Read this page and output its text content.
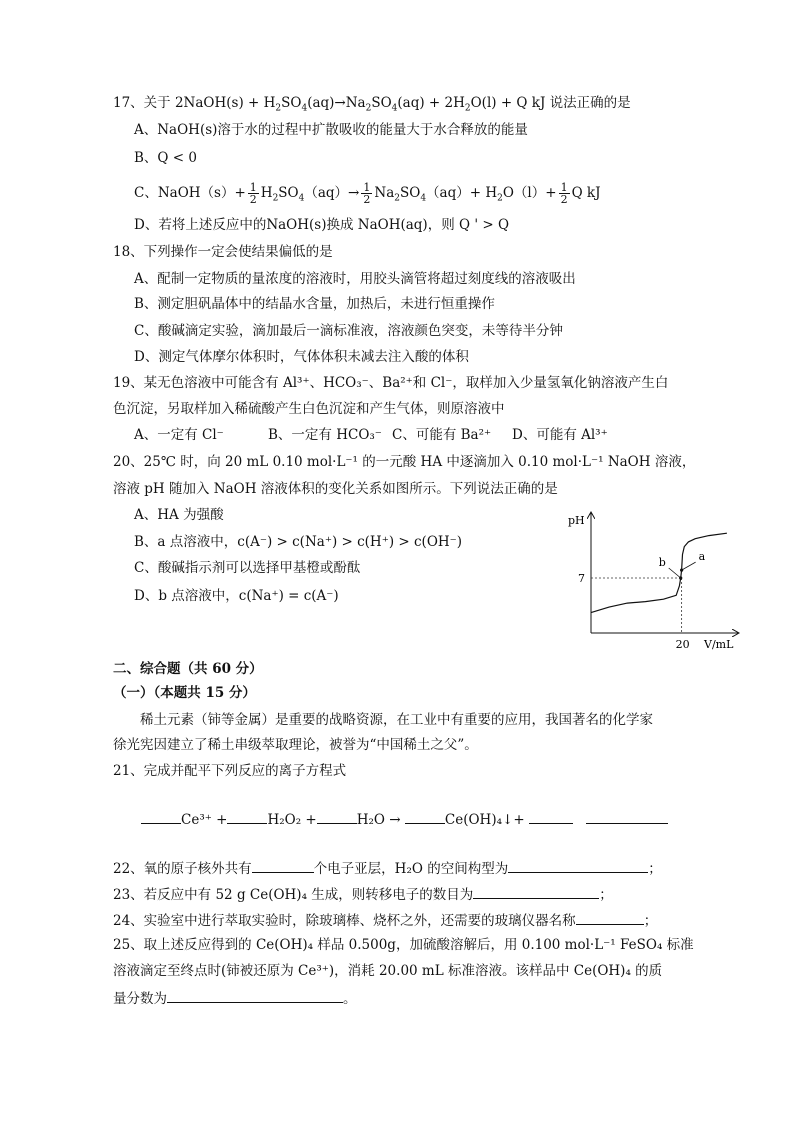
17、关于 2NaOH(s) + $H_2SO_4(aq)\to Na_2SO_4(aq) + 2H_2O(l) + Q$ kJ 说法正确的是
A、NaOH(s)溶于水的过程中扩散吸收的能量大于水合释放的能量
B、Q < 0
C、NaOH（s）+ $\frac{1}{2} H_2SO_4(aq)\to \frac{1}{2} Na_2SO_4(aq)+ H_2O(l)+ \frac{1}{2}$ Q kJ
D、若将上述反应中的NaOH(s)换成 NaOH(aq)，则 Q ' > Q
18、下列操作一定会使结果偏低的是
A、配制一定物质的量浓度的溶液时，用胶头滴管将超过刻度线的溶液吸出
B、测定胆矾晶体中的结晶水含量，加热后，未进行恒重操作
C、酸碱滴定实验，滴加最后一滴标准液，溶液颜色突变，未等待半分钟
D、测定气体摩尔体积时，气体体积未减去注入酸的体积
19、某无色溶液中可能含有 Al³⁺、HCO₃⁻、Ba²⁺和 Cl⁻，取样加入少量氢氧化钠溶液产生白
色沉淀，另取样加入稀硫酸产生白色沉淀和产生气体，则原溶液中
A、一定有 Cl⁻	B、一定有 HCO₃⁻ C、可能有 Ba²⁺ D、可能有 Al³⁺
20、25℃ 时，向 20 mL 0.10 mol·L⁻¹ 的一元酸 HA 中逐滴加入 0.10 mol·L⁻¹ NaOH 溶液，
溶液 pH 随加入 NaOH 溶液体积的变化关系如图所示。下列说法正确的是
A、HA 为强酸
B、a 点溶液中，c(A⁻) > c(Na⁺) > c(H⁺) > c(OH⁻)
C、酸碱指示剂可以选择甲基橙或酚酞
D、b 点溶液中，c(Na⁺) = c(A⁻)
pH
V/mL
7
20
b	a
二、综合题（共 60 分）
（一）（本题共 15 分）
稀土元素（铈等金属）是重要的战略资源，在工业中有重要的应用，我国著名的化学家
徐光宪因建立了稀土串级萃取理论，被誉为“中国稀土之父”。
21、完成并配平下列反应的离子方程式
Ce³⁺ +	H₂O₂ +	H₂O →	Ce(OH)₄↓+
22、氧的原子核外共有	个电子亚层，H₂O 的空间构型为	；
23、若反应中有 52 g Ce(OH)₄ 生成，则转移电子的数目为	；
24、实验室中进行萃取实验时，除玻璃棒、烧杯之外，还需要的玻璃仪器名称	；
25、取上述反应得到的 Ce(OH)₄ 样品 0.500g，加硫酸溶解后，用 0.100 mol·L⁻¹ FeSO₄ 标准
溶液滴定至终点时(铈被还原为 Ce³⁺)，消耗 20.00 mL 标准溶液。该样品中 Ce(OH)₄ 的质
量分数为	。
